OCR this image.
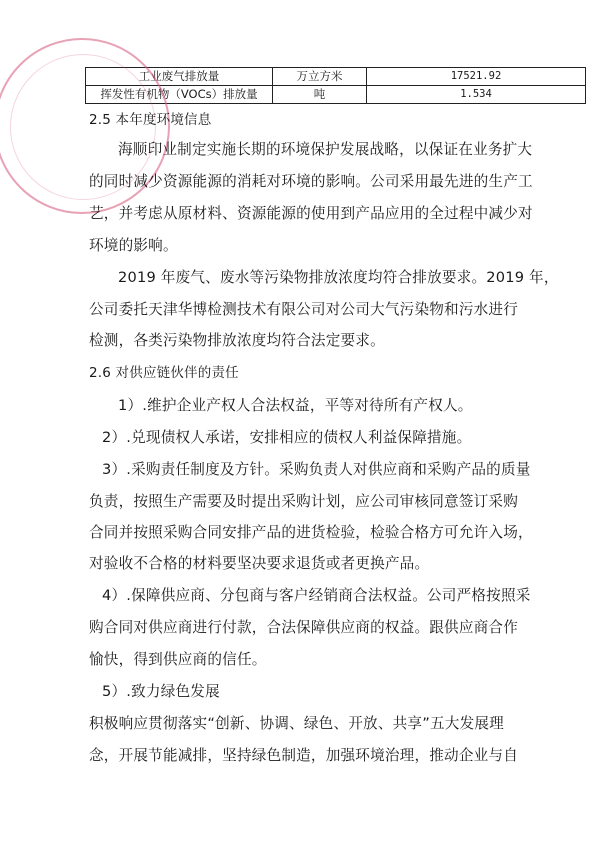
工业废气排放量	万立方米	17521.92
挥发性有机物（VOCs）排放量	吨	1.534
2.5 本年度环境信息
海顺印业制定实施长期的环境保护发展战略，以保证在业务扩大
的同时减少资源能源的消耗对环境的影响。公司采用最先进的生产工
艺，并考虑从原材料、资源能源的使用到产品应用的全过程中减少对
环境的影响。
2019 年废气、废水等污染物排放浓度均符合排放要求。2019 年，
公司委托天津华博检测技术有限公司对公司大气污染物和污水进行
检测，各类污染物排放浓度均符合法定要求。
2.6 对供应链伙伴的责任
1）.维护企业产权人合法权益，平等对待所有产权人。
2）.兑现债权人承诺，安排相应的债权人利益保障措施。
3）.采购责任制度及方针。采购负责人对供应商和采购产品的质量
负责，按照生产需要及时提出采购计划，应公司审核同意签订采购
合同并按照采购合同安排产品的进货检验，检验合格方可允许入场，
对验收不合格的材料要坚决要求退货或者更换产品。
4）.保障供应商、分包商与客户经销商合法权益。公司严格按照采
购合同对供应商进行付款，合法保障供应商的权益。跟供应商合作
愉快，得到供应商的信任。
5）.致力绿色发展
积极响应贯彻落实“创新、协调、绿色、开放、共享”五大发展理
念，开展节能减排，坚持绿色制造，加强环境治理，推动企业与自
